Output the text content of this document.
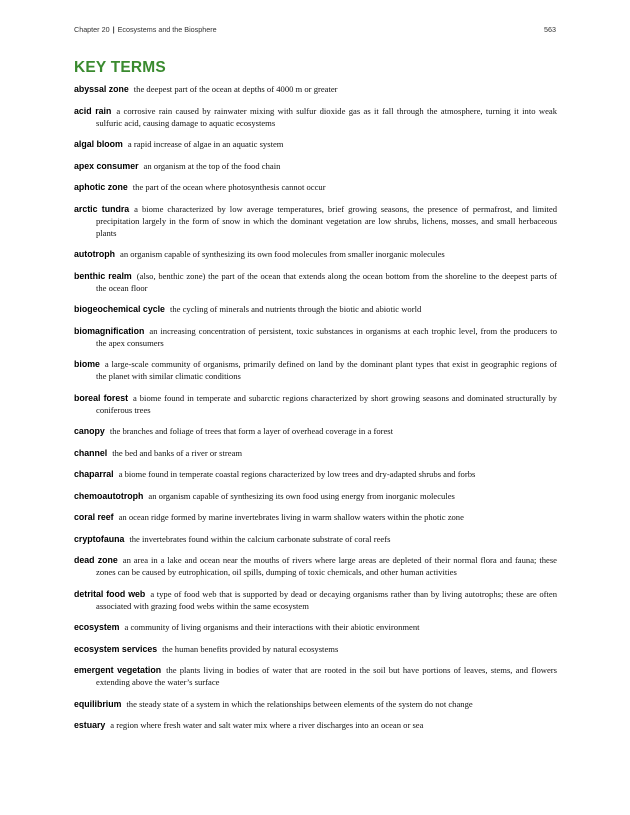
Chapter 20 | Ecosystems and the Biosphere	563
KEY TERMS
abyssal zone the deepest part of the ocean at depths of 4000 m or greater
acid rain a corrosive rain caused by rainwater mixing with sulfur dioxide gas as it fall through the atmosphere, turning it into weak sulfuric acid, causing damage to aquatic ecosystems
algal bloom a rapid increase of algae in an aquatic system
apex consumer an organism at the top of the food chain
aphotic zone the part of the ocean where photosynthesis cannot occur
arctic tundra a biome characterized by low average temperatures, brief growing seasons, the presence of permafrost, and limited precipitation largely in the form of snow in which the dominant vegetation are low shrubs, lichens, mosses, and small herbaceous plants
autotroph an organism capable of synthesizing its own food molecules from smaller inorganic molecules
benthic realm (also, benthic zone) the part of the ocean that extends along the ocean bottom from the shoreline to the deepest parts of the ocean floor
biogeochemical cycle the cycling of minerals and nutrients through the biotic and abiotic world
biomagnification an increasing concentration of persistent, toxic substances in organisms at each trophic level, from the producers to the apex consumers
biome a large-scale community of organisms, primarily defined on land by the dominant plant types that exist in geographic regions of the planet with similar climatic conditions
boreal forest a biome found in temperate and subarctic regions characterized by short growing seasons and dominated structurally by coniferous trees
canopy the branches and foliage of trees that form a layer of overhead coverage in a forest
channel the bed and banks of a river or stream
chaparral a biome found in temperate coastal regions characterized by low trees and dry-adapted shrubs and forbs
chemoautotroph an organism capable of synthesizing its own food using energy from inorganic molecules
coral reef an ocean ridge formed by marine invertebrates living in warm shallow waters within the photic zone
cryptofauna the invertebrates found within the calcium carbonate substrate of coral reefs
dead zone an area in a lake and ocean near the mouths of rivers where large areas are depleted of their normal flora and fauna; these zones can be caused by eutrophication, oil spills, dumping of toxic chemicals, and other human activities
detrital food web a type of food web that is supported by dead or decaying organisms rather than by living autotrophs; these are often associated with grazing food webs within the same ecosystem
ecosystem a community of living organisms and their interactions with their abiotic environment
ecosystem services the human benefits provided by natural ecosystems
emergent vegetation the plants living in bodies of water that are rooted in the soil but have portions of leaves, stems, and flowers extending above the water’s surface
equilibrium the steady state of a system in which the relationships between elements of the system do not change
estuary a region where fresh water and salt water mix where a river discharges into an ocean or sea
